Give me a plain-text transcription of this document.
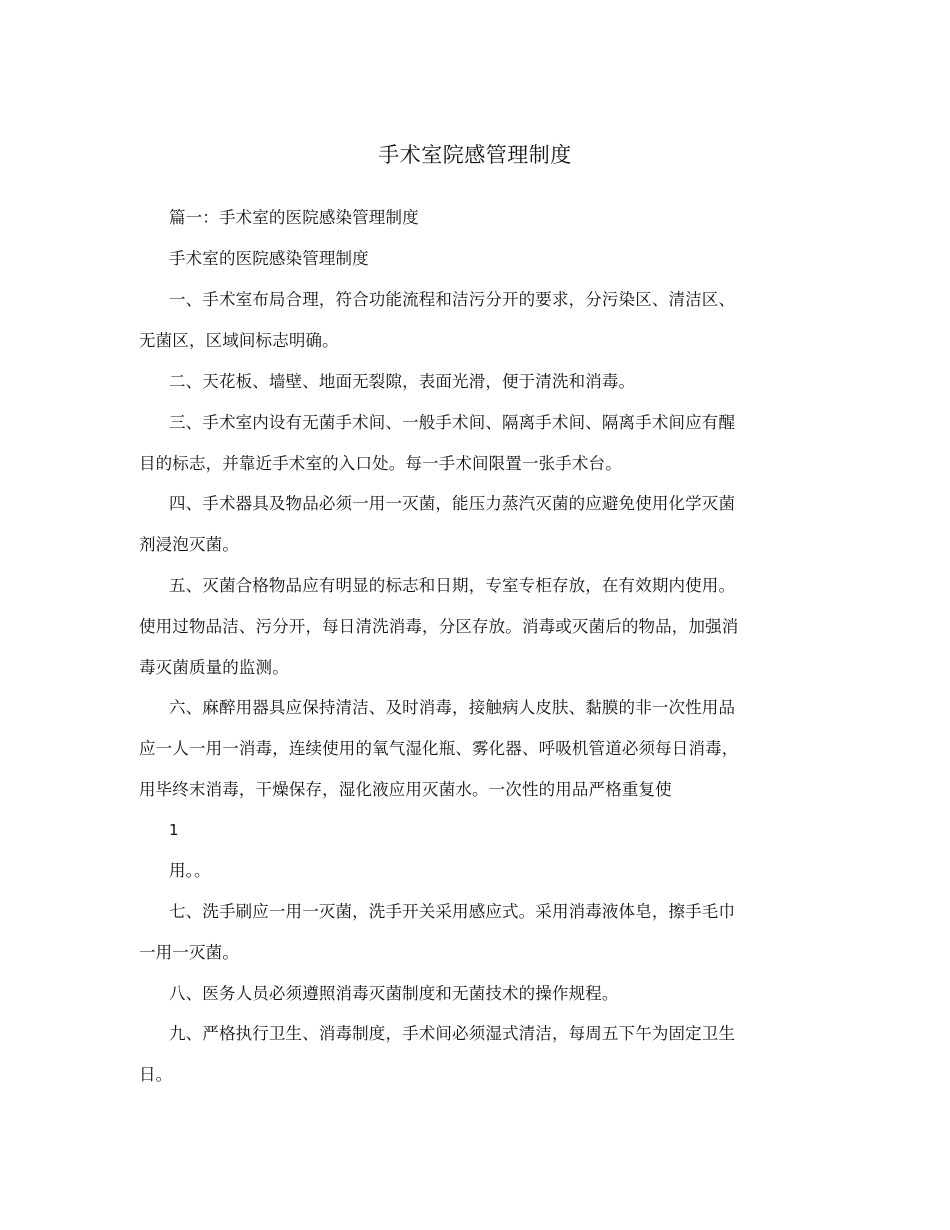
手术室院感管理制度
篇一：手术室的医院感染管理制度
手术室的医院感染管理制度
一、手术室布局合理，符合功能流程和洁污分开的要求，分污染区、清洁区、
无菌区，区域间标志明确。
二、天花板、墙壁、地面无裂隙，表面光滑，便于清洗和消毒。
三、手术室内设有无菌手术间、一般手术间、隔离手术间、隔离手术间应有醒
目的标志，并靠近手术室的入口处。每一手术间限置一张手术台。
四、手术器具及物品必须一用一灭菌，能压力蒸汽灭菌的应避免使用化学灭菌
剂浸泡灭菌。
五、灭菌合格物品应有明显的标志和日期，专室专柜存放，在有效期内使用。
使用过物品洁、污分开，每日清洗消毒，分区存放。消毒或灭菌后的物品，加强消
毒灭菌质量的监测。
六、麻醉用器具应保持清洁、及时消毒，接触病人皮肤、黏膜的非一次性用品
应一人一用一消毒，连续使用的氧气湿化瓶、雾化器、呼吸机管道必须每日消毒，
用毕终末消毒，干燥保存，湿化液应用灭菌水。一次性的用品严格重复使
1
用。。
七、洗手刷应一用一灭菌，洗手开关采用感应式。采用消毒液体皂，擦手毛巾
一用一灭菌。
八、医务人员必须遵照消毒灭菌制度和无菌技术的操作规程。
九、严格执行卫生、消毒制度，手术间必须湿式清洁，每周五下午为固定卫生
日。
